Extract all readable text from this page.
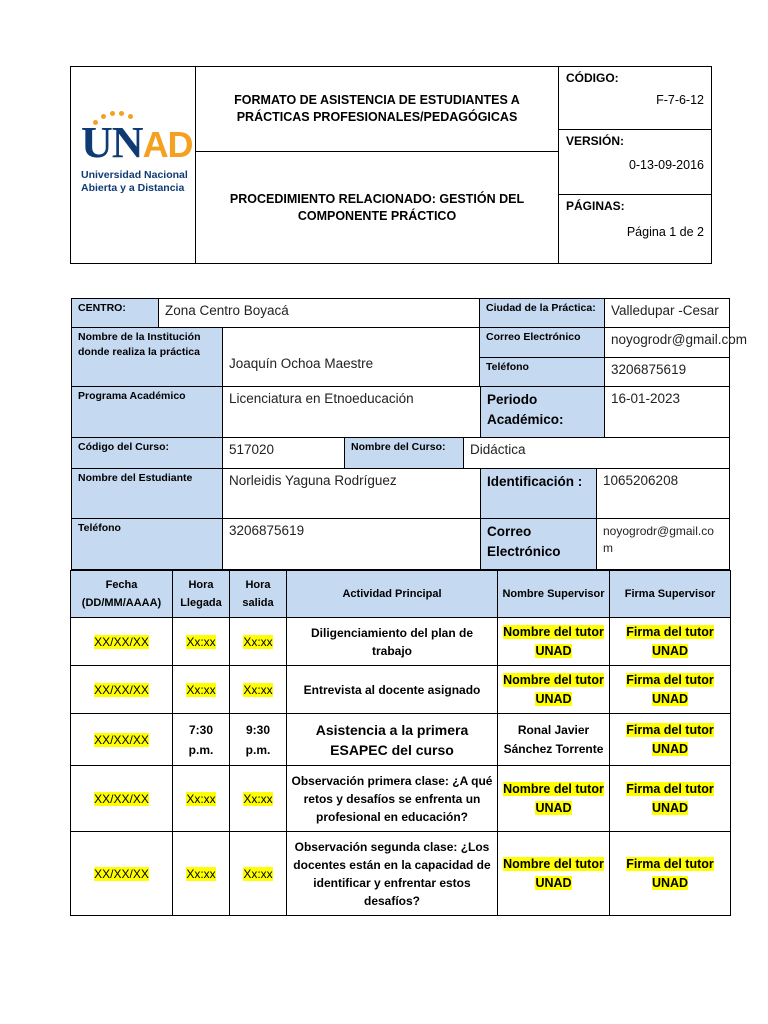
UNAD
Universidad Nacional
Abierta y a Distancia
	FORMATO DE ASISTENCIA DE ESTUDIANTES A PRÁCTICAS PROFESIONALES/PEDAGÓGICAS	
CÓDIGO:
F-7-6-12

VERSIÓN:
0-13-09-2016

PROCEDIMIENTO RELACIONADO: GESTIÓN DEL COMPONENTE PRÁCTICO

PÁGINAS:
Página 1 de 2

CENTRO:	Zona Centro Boyacá	Ciudad de la Práctica:	Valledupar -Cesar
Nombre de la Institución donde realiza la práctica
Joaquín Ochoa Maestre
Correo Electrónico	noyogrodr@gmail.com
Teléfono	3206875619
Programa Académico	Licenciatura en Etnoeducación	Periodo Académico:
16-01-2023
Código del Curso:	517020	Nombre del Curso:	Didáctica
Nombre del Estudiante	Norleidis Yaguna Rodríguez	Identificación :	1065206208
Teléfono	3206875619	Correo Electrónico
noyogrodr@gmail.com
Fecha (DD/MM/AAAA)	Hora Llegada	Hora salida	Actividad Principal	Nombre Supervisor	Firma Supervisor
XX/XX/XX	Xx:xx	Xx:xx	Diligenciamiento del plan de trabajo	Nombre del tutor UNAD	Firma del tutor UNAD
XX/XX/XX	Xx:xx	Xx:xx	Entrevista al docente asignado	Nombre del tutor UNAD	Firma del tutor UNAD
XX/XX/XX	7:30 p.m.	9:30 p.m.	Asistencia a la primera ESAPEC del curso	Ronal Javier Sánchez Torrente	Firma del tutor UNAD
XX/XX/XX	Xx:xx	Xx:xx	Observación primera clase: ¿A qué retos y desafíos se enfrenta un profesional en educación?	Nombre del tutor UNAD	Firma del tutor UNAD
XX/XX/XX	Xx:xx	Xx:xx	Observación segunda clase: ¿Los docentes están en la capacidad de identificar y enfrentar estos desafíos?	Nombre del tutor UNAD	Firma del tutor UNAD
